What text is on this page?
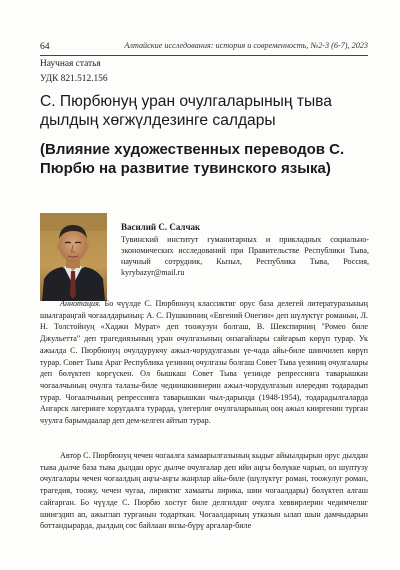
64	Алтайские исследования: история и современность, №2-3 (6-7), 2023
Научная статья
УДК 821.512.156
С. Пюрбюнуң уран очулгаларының тыва дылдың хөгжүлдезинге салдары
(Влияние художественных переводов С. Пюрбю на развитие тувинского языка)
Василий С. Салчак
Тувинский институт гуманитарных и прикладных социально-экономических исследований при Правительстве Республики Тыва, научный сотрудник, Кызыл, Республика Тыва, Россия, kyrybazyr@mail.ru
Аннотация. Бо чүүлде С. Пюрбюнуң классиктиг орус база делегей литературазының шылгараңгай чогаалдарының: А. С. Пушкинниң «Евгений Онегин» деп шүлүктүг романын, Л. Н. Толстойнуң «Хаджи Мурат» деп тоожузун болгаш, В. Шекспирниң "Ромео биле Джульетта" деп трагедиязының уран очулгазының онзагайлары сайгарып көрүп турар. Ук ажылда С. Пюрбюнуң очулдурукчу ажыл-чорудулгазын үе-чада айы-биле шинчилеп көрүп турар. Совет Тыва Араг Республика үезиниң очулгазы болгаш Совет Тыва үезиниң очулгалары деп бөлүктеп көргүскен. Ол бышкаш Совет Тыва үезинде репрессияга таварышкан чогаалчының очулга талазы-биле чедиишкиннерин ажыл-чорудулгазын илередип тодарадып турар. Чогаалчының репрессияга таварышкан чыл-дарында (1948-1954), тодарадылгаларда Ангарск лагеринге хоругдалга турарда, үлегерлиг очулгаларының ооң ажыл кииргенин турган чуулга барымдаалар деп дем-келген айтып турар.
Автор С. Пюрбюнуң чечен чогаалга хамаарылгазының кыдыг айыылдырын орус дылдан тыва дылче база тыва дылдан орус дылче очулгалар деп ийи аңгы бөлүкке чарып, ол шуптузу очулгалары чечен чогаалдың аңгы-аңгы жанрлар айы-биле (шүлүктүг роман, тоожулуг роман, трагедия, тоожу, чечен чугаа, лириктиг хамааты лирика, шии чогаалдары) бөлүктеп алгаш сайгарган. Бо чүүлде С. Пюрбю хостуг биле делгилдиг очулга хеввирлерин чедимчелиг шиигэдип ап, ажыглап турганын тодарткан. Чогаалдарның утказын ылап шын дамчыдарын боттандырарда, дылдың сөс байлаан янзы-бүрү аргалар-биле
